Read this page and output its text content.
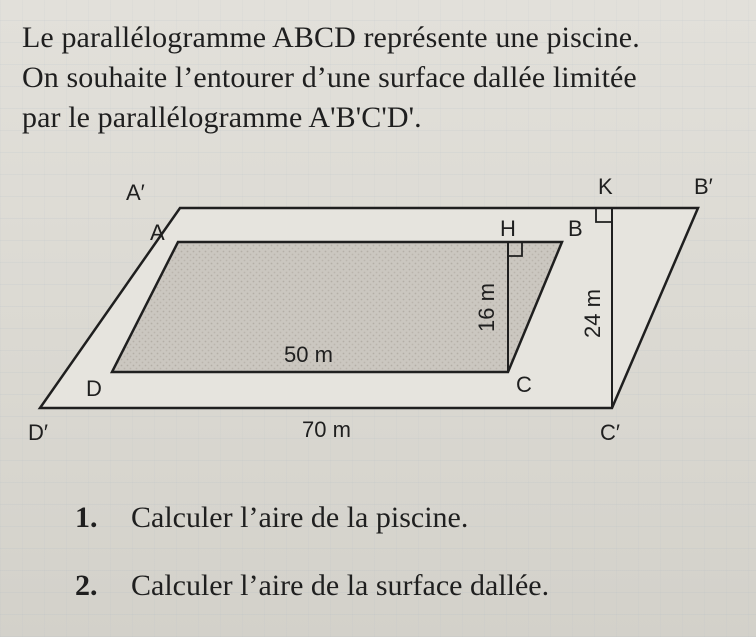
Le parallélogramme ABCD représente une piscine.
On souhaite l’entourer d’une surface dallée limitée
par le parallélogramme A'B'C'D'.

A′	K	B′
A	H B
D	C
D′	C′
50 m
70 m
16 m	24 m
1. Calculer l’aire de la piscine.
2. Calculer l’aire de la surface dallée.
